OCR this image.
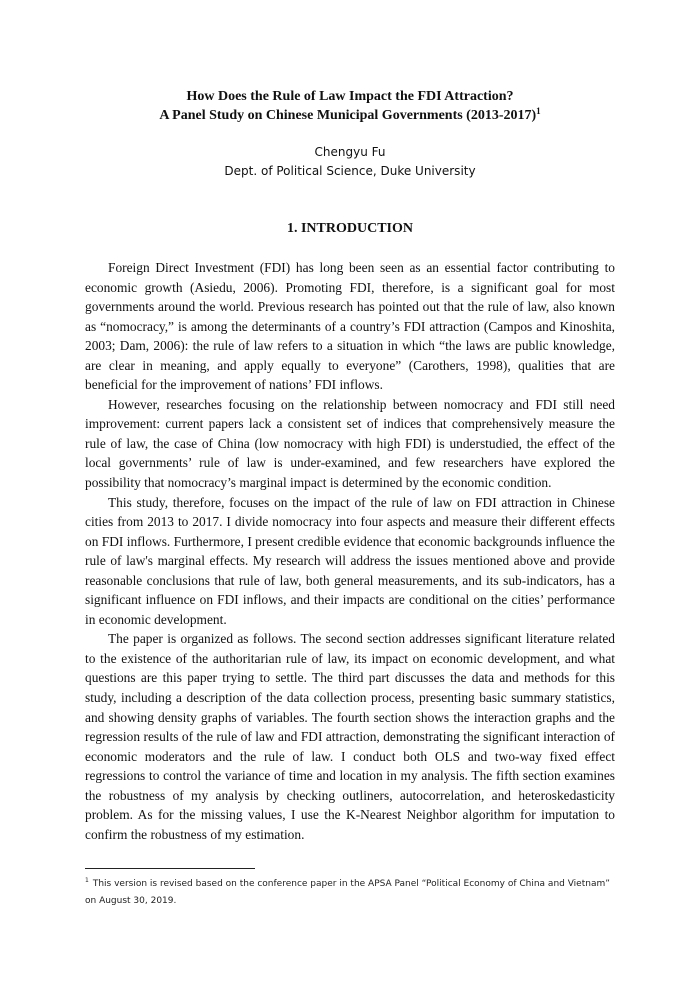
How Does the Rule of Law Impact the FDI Attraction?
A Panel Study on Chinese Municipal Governments (2013-2017)$^1$
Chengyu Fu
Dept. of Political Science, Duke University
1. INTRODUCTION

Foreign Direct Investment (FDI) has long been seen as an essential factor contributing to economic growth (Asiedu, 2006). Promoting FDI, therefore, is a significant goal for most governments around the world. Previous research has pointed out that the rule of law, also known as “nomocracy,” is among the determinants of a country’s FDI attraction (Campos and Kinoshita, 2003; Dam, 2006): the rule of law refers to a situation in which “the laws are public knowledge, are clear in meaning, and apply equally to everyone” (Carothers, 1998), qualities that are beneficial for the improvement of nations’ FDI inflows.

However, researches focusing on the relationship between nomocracy and FDI still need improvement: current papers lack a consistent set of indices that comprehensively measure the rule of law, the case of China (low nomocracy with high FDI) is understudied, the effect of the local governments’ rule of law is under-examined, and few researchers have explored the possibility that nomocracy’s marginal impact is determined by the economic condition.

This study, therefore, focuses on the impact of the rule of law on FDI attraction in Chinese cities from 2013 to 2017. I divide nomocracy into four aspects and measure their different effects on FDI inflows. Furthermore, I present credible evidence that economic backgrounds influence the rule of law's marginal effects. My research will address the issues mentioned above and provide reasonable conclusions that rule of law, both general measurements, and its sub-indicators, has a significant influence on FDI inflows, and their impacts are conditional on the cities’ performance in economic development.

The paper is organized as follows. The second section addresses significant literature related to the existence of the authoritarian rule of law, its impact on economic development, and what questions are this paper trying to settle. The third part discusses the data and methods for this study, including a description of the data collection process, presenting basic summary statistics, and showing density graphs of variables. The fourth section shows the interaction graphs and the regression results of the rule of law and FDI attraction, demonstrating the significant interaction of economic moderators and the rule of law. I conduct both OLS and two-way fixed effect regressions to control the variance of time and location in my analysis. The fifth section examines the robustness of my analysis by checking outliners, autocorrelation, and heteroskedasticity problem. As for the missing values, I use the K-Nearest Neighbor algorithm for imputation to confirm the robustness of my estimation.

$^1$ This version is revised based on the conference paper in the APSA Panel “Political Economy of China and Vietnam” on August 30, 2019.
